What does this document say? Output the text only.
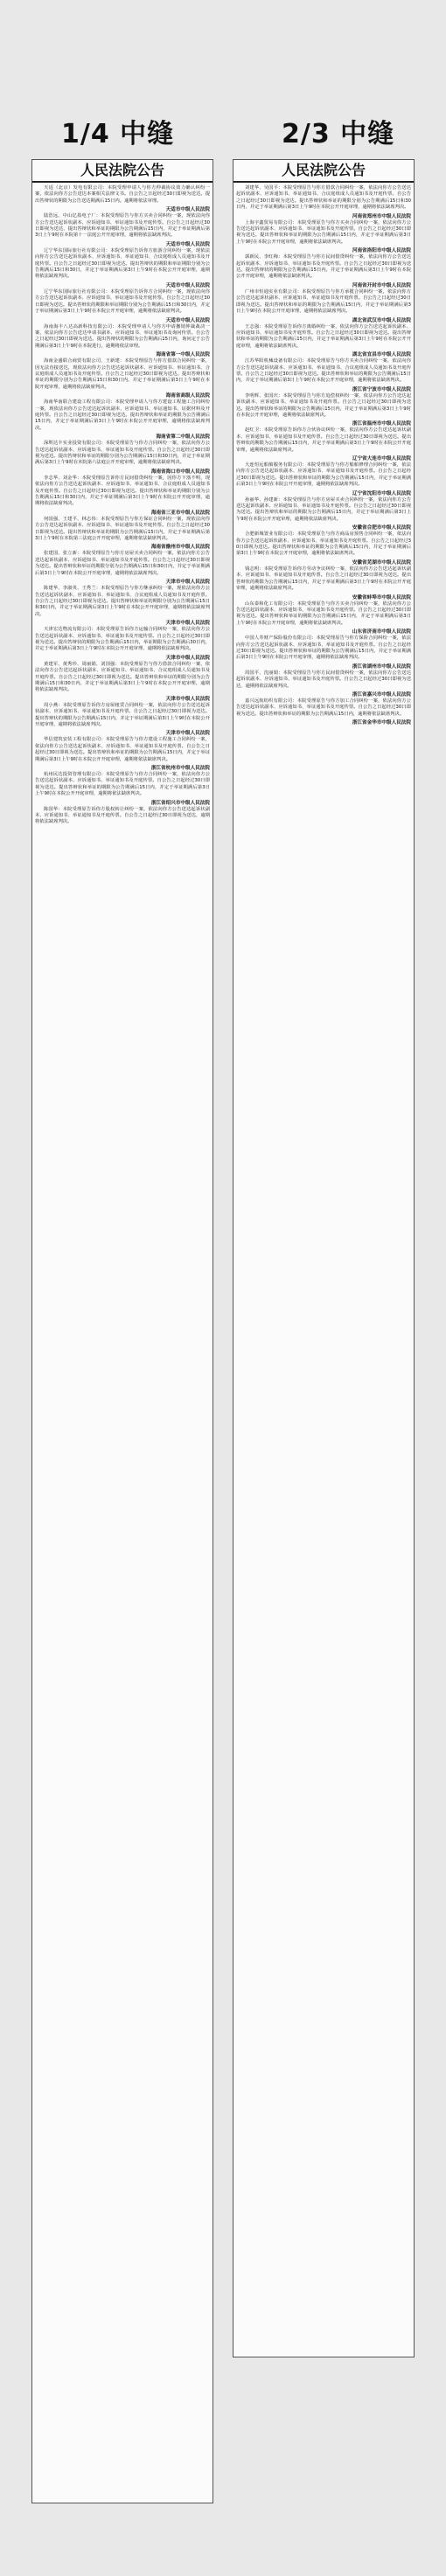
1/4 中缝	2/3 中缝
人民法院公告

天适（北京）发电有限公司：本院受理申请人与你方仲裁协议效力确认纠纷一案，依法向你方公告送达本案相关法律文书。自公告之日起经过30日即视为送达。提出答辩状的期限为公告送达期满后15日内。逾期将依法审理。

天适市中级人民法院

陆浩远、中山亿盈电子厂：本院受理原告与你方买卖合同纠纷一案，现依法向你方公告送达起诉状副本、应诉通知书、举证通知书及开庭传票。自公告之日起经过30日即视为送达，提出答辩状和举证的期限为公告期满后15日内，并定于举证期满后第3日上午9时在本院第十一法庭公开开庭审理，逾期将依法缺席判决。

天适市中级人民法院

辽宁华东国际旅行社有限公司：本院受理原告诉你方旅游合同纠纷一案，现依法向你方公告送达起诉状副本、应诉通知书、举证通知书、合议庭组成人员通知书及开庭传票。自公告之日起经过30日即视为送达。提出答辩状的期限和举证期限分别为公告期满后15日和30日，并定于举证期满后第3日上午9时在本院公开开庭审理，逾期将依法缺席判决。

天适市中级人民法院

辽宁华东国际旅行社有限公司：本院受理原告诉你方合同纠纷一案，现依法向你方公告送达起诉状副本、应诉通知书、举证通知书及开庭传票。自公告之日起经过30日即视为送达。提出答辩状的期限和举证期限分别为公告期满后15日和30日内，并定于举证期满后第3日上午9时在本院公开开庭审理，逾期将依法缺席判决。

天适市中级人民法院

海南海丰八达高新科技有限公司：本院受理申请人与你方申请撤销仲裁裁决一案，依法向你方公告送达申请书副本、应诉通知书、举证通知书及询问传票。自公告之日起经过30日即视为送达。提出答辩状的期限为公告期满后15日内，询问定于公告期满后第3日上午9时在本院进行，逾期将依法审理。

海南省第一中级人民法院

海南金盛联合商贸有限公司、王新建：本院受理原告与你方借款合同纠纷一案，因无法直接送达，现依法向你方公告送达起诉状副本、应诉通知书、举证通知书、合议庭组成人员通知书及开庭传票。自公告之日起经过30日即视为送达。提出答辩状和举证的期限分别为公告期满后15日和30日内，并定于举证期满后第3日上午9时在本院开庭审理，逾期将依法缺席判决。

海南省高级人民法院

海南华南联合建设工程有限公司：本院受理申请人与你方建设工程施工合同纠纷一案，现依法向你方公告送达起诉状副本、应诉通知书、举证通知书、证据材料及开庭传票。自公告之日起经过30日即视为送达。提出答辩状和举证的期限为公告期满后15日内，并定于举证期满后第3日上午9时在本院公开开庭审理，逾期将依法缺席判决。

海南省第二中级人民法院

深圳达丰实业投资有限公司：本院受理原告与你方合同纠纷一案，依法向你方公告送达起诉状副本、应诉通知书、举证通知书及开庭传票。自公告之日起经过30日即视为送达。提出答辩状和举证的期限分别为公告期满后15日和30日内，并定于举证期满后第3日上午9时在本院第六法庭公开开庭审理，逾期将依法缺席判决。

海南省海口市中级人民法院

李志华、刘金华：本院受理原告诉你方民间借贷纠纷一案，因你方下落不明，现依法向你方公告送达起诉状副本、应诉通知书、举证通知书、合议庭组成人员通知书及开庭传票。自公告之日起经过30日即视为送达。提出答辩状和举证的期限分别为公告期满后15日和30日内，并定于举证期满后第3日上午9时在本院公开开庭审理，逾期将依法缺席判决。

海南省三亚市中级人民法院

何国强、王建平、林志伟：本院受理原告与你方保证合同纠纷一案，现依法向你方公告送达起诉状副本、应诉通知书、举证通知书及开庭传票。自公告之日起经过30日即视为送达。提出答辩状和举证的期限为公告期满后15日内，并定于举证期满后第3日上午9时在本院第三法庭公开开庭审理，逾期将依法缺席判决。

海南省儋州市中级人民法院

张建国、张立新：本院受理原告与你方房屋买卖合同纠纷一案，依法向你方公告送达起诉状副本、应诉通知书、举证通知书及开庭传票。自公告之日起经过30日即视为送达。提出答辩状和举证的期限分别为公告期满后15日和30日内，并定于举证期满后第3日上午9时在本院公开开庭审理，逾期将依法缺席判决。

天津市中级人民法院

陈建华、李淑英、王秀兰：本院受理原告与你方继承纠纷一案，现依法向你方公告送达起诉状副本、应诉通知书、举证通知书、合议庭组成人员通知书及开庭传票。自公告之日起经过30日即视为送达。提出答辩状和举证的期限分别为公告期满后15日和30日内，并定于举证期满后第3日上午9时在本院公开开庭审理，逾期将依法缺席判决。

天津市中级人民法院

天津宏达物流有限公司：本院受理原告诉你方运输合同纠纷一案，依法向你方公告送达起诉状副本、应诉通知书、举证通知书及开庭传票。自公告之日起经过30日即视为送达。提出答辩状的期限为公告期满后15日内，举证期限为公告期满后30日内，并定于举证期满后第3日上午9时在本院公开开庭审理，逾期将依法缺席判决。

天津市中级人民法院

黄建军、黄秀珍、周丽娟、刘国强：本院受理原告与你方借款合同纠纷一案，依法向你方公告送达起诉状副本、应诉通知书、举证通知书、合议庭组成人员通知书及开庭传票。自公告之日起经过30日即视为送达。提出答辩状和举证的期限分别为公告期满后15日和30日内，并定于举证期满后第3日上午9时在本院公开开庭审理，逾期将依法缺席判决。

天津市中级人民法院

周小燕：本院受理原告诉你方房屋租赁合同纠纷一案，依法向你方公告送达起诉状副本、应诉通知书、举证通知书及开庭传票。自公告之日起经过30日即视为送达。提出答辩状的期限为公告期满后15日内，并定于举证期满后第3日上午9时在本院公开开庭审理，逾期将依法缺席判决。

天津市中级人民法院

华信建筑安装工程有限公司：本院受理原告与你方建设工程施工合同纠纷一案，依法向你方公告送达起诉状副本、应诉通知书、举证通知书及开庭传票。自公告之日起经过30日即视为送达。提出答辩状和举证的期限为公告期满后15日内，并定于举证期满后第3日上午9时在本院公开开庭审理，逾期将依法缺席判决。

浙江省杭州市中级人民法院

杭州民达投资管理有限公司：本院受理原告与你方合同纠纷一案，依法向你方公告送达起诉状副本、应诉通知书、举证通知书及开庭传票。自公告之日起经过30日即视为送达。提出答辩状和举证的期限为公告期满后15日内，并定于举证期满后第3日上午9时在本院公开开庭审理，逾期将依法缺席判决。

浙江省绍兴市中级人民法院

陈国华：本院受理原告诉你方股权转让纠纷一案，依法向你方公告送达起诉状副本、应诉通知书、举证通知书及开庭传票。自公告之日起经过30日即视为送达，逾期将依法缺席判决。

人民法院公告

刘建华、吴国平：本院受理原告与你方借款合同纠纷一案，依法向你方公告送达起诉状副本、应诉通知书、举证通知书、合议庭组成人员通知书及开庭传票。自公告之日起经过30日即视为送达。提出答辩状和举证的期限分别为公告期满后15日和30日内，并定于举证期满后第3日上午9时在本院公开开庭审理，逾期将依法缺席判决。

河南省郑州市中级人民法院

上海宇鑫贸易有限公司：本院受理原告与你方买卖合同纠纷一案，依法向你方公告送达起诉状副本、应诉通知书、举证通知书及开庭传票。自公告之日起经过30日即视为送达。提出答辩状和举证的期限为公告期满后15日内，并定于举证期满后第3日上午9时在本院公开开庭审理，逾期将依法缺席判决。

河南省洛阳市中级人民法院

郭新民、李红梅：本院受理原告与你方民间借贷纠纷一案，依法向你方公告送达起诉状副本、应诉通知书、举证通知书及开庭传票。自公告之日起经过30日即视为送达。提出答辩状的期限为公告期满后15日内，并定于举证期满后第3日上午9时在本院公开开庭审理，逾期将依法缺席判决。

河南省开封市中级人民法院

广州市恒通实业有限公司：本院受理原告与你方承揽合同纠纷一案，依法向你方公告送达起诉状副本、应诉通知书、举证通知书及开庭传票。自公告之日起经过30日即视为送达。提出答辩状和举证的期限为公告期满后15日内，并定于举证期满后第3日上午9时在本院公开开庭审理，逾期将依法缺席判决。

湖北省武汉市中级人民法院

王志强：本院受理原告诉你方离婚纠纷一案，依法向你方公告送达起诉状副本、应诉通知书、举证通知书及开庭传票。自公告之日起经过30日即视为送达。提出答辩状和举证的期限为公告期满后15日内，并定于举证期满后第3日上午9时在本院公开开庭审理，逾期将依法缺席判决。

湖北省宜昌市中级人民法院

江苏华阳机械设备有限公司：本院受理原告与你方买卖合同纠纷一案，依法向你方公告送达起诉状副本、应诉通知书、举证通知书、合议庭组成人员通知书及开庭传票。自公告之日起经过30日即视为送达。提出答辩状和举证的期限为公告期满后15日内，并定于举证期满后第3日上午9时在本院公开开庭审理，逾期将依法缺席判决。

浙江省宁波市中级人民法院

李明辉、张国庆：本院受理原告与你方追偿权纠纷一案，依法向你方公告送达起诉状副本、应诉通知书、举证通知书及开庭传票。自公告之日起经过30日即视为送达。提出答辩状和举证的期限为公告期满后15日内，并定于举证期满后第3日上午9时在本院公开开庭审理，逾期将依法缺席判决。

浙江省温州市中级人民法院

赵红卫：本院受理原告诉你方合伙协议纠纷一案，依法向你方公告送达起诉状副本、应诉通知书、举证通知书及开庭传票。自公告之日起经过30日即视为送达。提出答辩状的期限为公告期满后15日内，并定于举证期满后第3日上午9时在本院公开开庭审理，逾期将依法缺席判决。

辽宁省大连市中级人民法院

大连恒远船舶服务有限公司：本院受理原告与你方船舶修理合同纠纷一案，依法向你方公告送达起诉状副本、应诉通知书、举证通知书及开庭传票。自公告之日起经过30日即视为送达。提出答辩状和举证的期限为公告期满后15日内，并定于举证期满后第3日上午9时在本院公开开庭审理，逾期将依法缺席判决。

辽宁省沈阳市中级人民法院

孙丽华、孙建新：本院受理原告与你方房屋买卖合同纠纷一案，依法向你方公告送达起诉状副本、应诉通知书、举证通知书及开庭传票。自公告之日起经过30日即视为送达。提出答辩状和举证的期限为公告期满后15日内，并定于举证期满后第3日上午9时在本院公开开庭审理，逾期将依法缺席判决。

安徽省合肥市中级人民法院

合肥新城置业有限公司：本院受理原告与你方商品房预售合同纠纷一案，依法向你方公告送达起诉状副本、应诉通知书、举证通知书及开庭传票。自公告之日起经过30日即视为送达。提出答辩状和举证的期限为公告期满后15日内，并定于举证期满后第3日上午9时在本院公开开庭审理，逾期将依法缺席判决。

安徽省芜湖市中级人民法院

钱志明：本院受理原告诉你方劳动争议纠纷一案，依法向你方公告送达起诉状副本、应诉通知书、举证通知书及开庭传票。自公告之日起经过30日即视为送达。提出答辩状的期限为公告期满后15日内，并定于举证期满后第3日上午9时在本院公开开庭审理，逾期将依法缺席判决。

安徽省蚌埠市中级人民法院

山东泰和化工有限公司：本院受理原告与你方买卖合同纠纷一案，依法向你方公告送达起诉状副本、应诉通知书、举证通知书及开庭传票。自公告之日起经过30日即视为送达。提出答辩状和举证的期限为公告期满后15日内，并定于举证期满后第3日上午9时在本院公开开庭审理，逾期将依法缺席判决。

山东省济南市中级人民法院

中国人寿财产保险股份有限公司：本院受理原告与你方保险合同纠纷一案，依法向你方公告送达起诉状副本、应诉通知书、举证通知书及开庭传票。自公告之日起经过30日即视为送达。提出答辩状和举证的期限为公告期满后15日内，并定于举证期满后第3日上午9时在本院公开开庭审理，逾期将依法缺席判决。

浙江省湖州市中级人民法院

周国平、沈丽娟：本院受理原告与你方民间借贷纠纷一案，依法向你方公告送达起诉状副本、应诉通知书、举证通知书及开庭传票。自公告之日起经过30日即视为送达，逾期将依法缺席判决。

浙江省嘉兴市中级人民法院

嘉兴远航纺织有限公司：本院受理原告与你方加工合同纠纷一案，依法向你方公告送达起诉状副本、应诉通知书、举证通知书及开庭传票。自公告之日起经过30日即视为送达。提出答辩状和举证的期限为公告期满后15日内，逾期将依法缺席判决。

浙江省金华市中级人民法院
